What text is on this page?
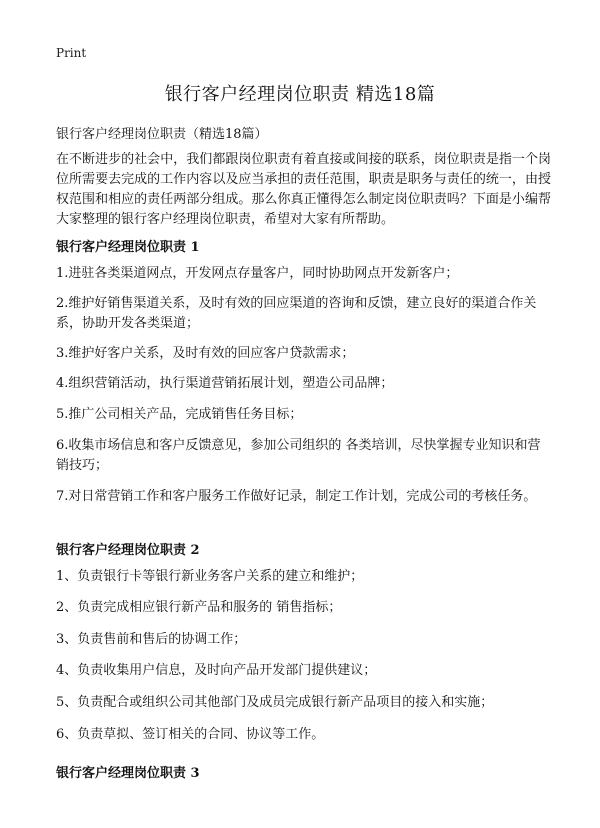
Print
银行客户经理岗位职责 精选18篇
银行客户经理岗位职责（精选18篇）
在不断进步的社会中，我们都跟岗位职责有着直接或间接的联系，岗位职责是指一个岗位所需要去完成的工作内容以及应当承担的责任范围，职责是职务与责任的统一，由授权范围和相应的责任两部分组成。那么你真正懂得怎么制定岗位职责吗？下面是小编帮大家整理的银行客户经理岗位职责，希望对大家有所帮助。
银行客户经理岗位职责 1
1.进驻各类渠道网点，开发网点存量客户，同时协助网点开发新客户；
2.维护好销售渠道关系，及时有效的回应渠道的咨询和反馈，建立良好的渠道合作关系，协助开发各类渠道；
3.维护好客户关系，及时有效的回应客户贷款需求；
4.组织营销活动，执行渠道营销拓展计划，塑造公司品牌；
5.推广公司相关产品，完成销售任务目标；
6.收集市场信息和客户反馈意见，参加公司组织的 各类培训，尽快掌握专业知识和营销技巧；
7.对日常营销工作和客户服务工作做好记录，制定工作计划，完成公司的考核任务。
银行客户经理岗位职责 2
1、负责银行卡等银行新业务客户关系的建立和维护；
2、负责完成相应银行新产品和服务的 销售指标；
3、负责售前和售后的协调工作；
4、负责收集用户信息，及时向产品开发部门提供建议；
5、负责配合或组织公司其他部门及成员完成银行新产品项目的接入和实施；
6、负责草拟、签订相关的合同、协议等工作。
银行客户经理岗位职责 3
